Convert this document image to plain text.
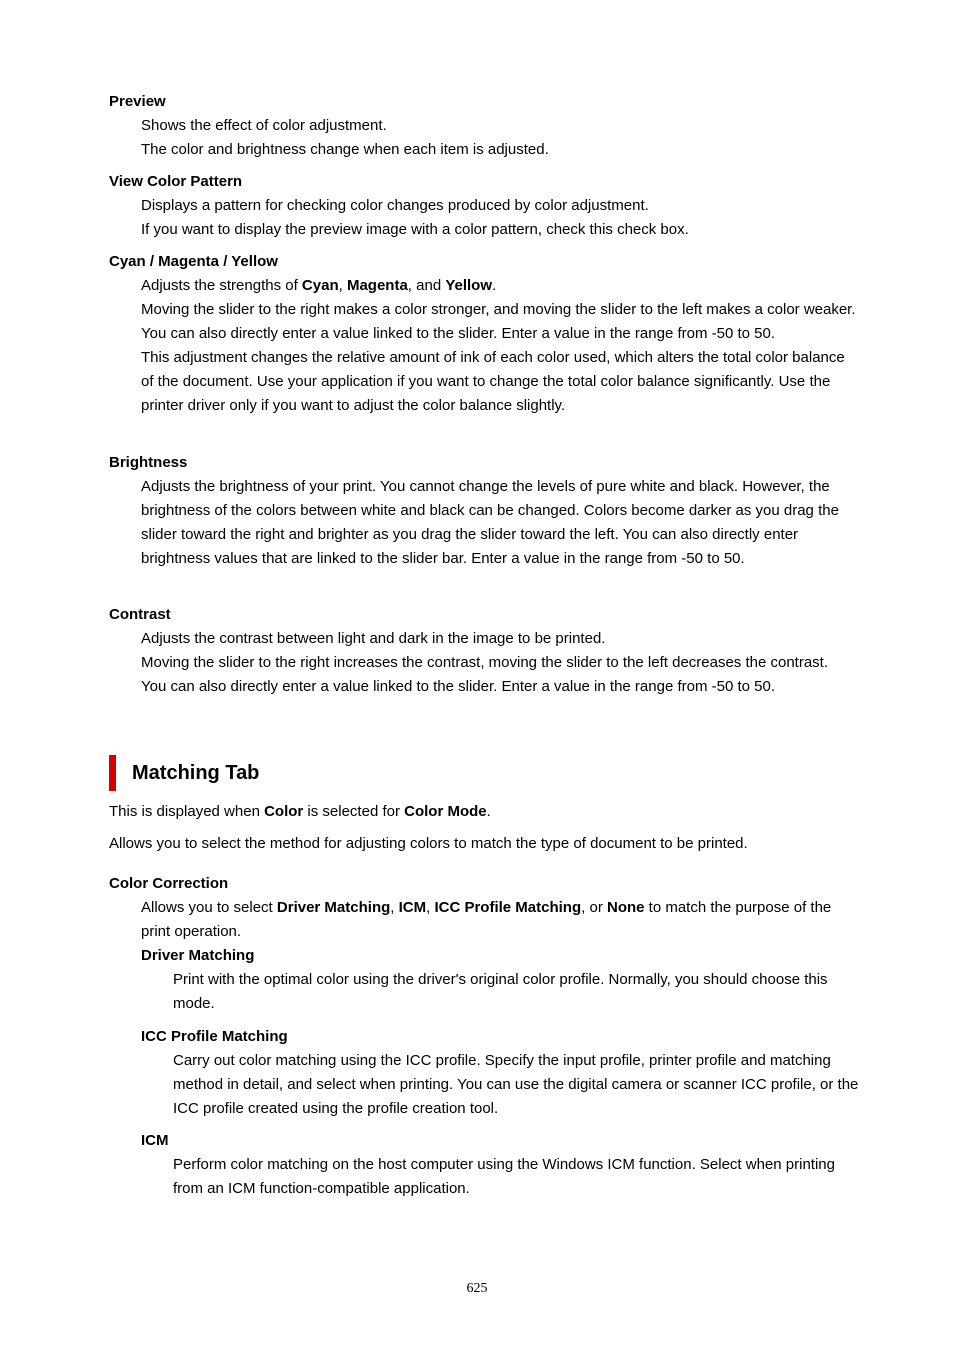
Preview

Shows the effect of color adjustment.

The color and brightness change when each item is adjusted.

View Color Pattern

Displays a pattern for checking color changes produced by color adjustment.

If you want to display the preview image with a color pattern, check this check box.

Cyan / Magenta / Yellow

Adjusts the strengths of Cyan, Magenta, and Yellow.

Moving the slider to the right makes a color stronger, and moving the slider to the left makes a color weaker.

You can also directly enter a value linked to the slider. Enter a value in the range from -50 to 50.

This adjustment changes the relative amount of ink of each color used, which alters the total color balance of the document. Use your application if you want to change the total color balance significantly. Use the printer driver only if you want to adjust the color balance slightly.

Brightness

Adjusts the brightness of your print. You cannot change the levels of pure white and black. However, the brightness of the colors between white and black can be changed. Colors become darker as you drag the slider toward the right and brighter as you drag the slider toward the left. You can also directly enter brightness values that are linked to the slider bar. Enter a value in the range from -50 to 50.

Contrast

Adjusts the contrast between light and dark in the image to be printed.

Moving the slider to the right increases the contrast, moving the slider to the left decreases the contrast.

You can also directly enter a value linked to the slider. Enter a value in the range from -50 to 50.

Matching Tab

This is displayed when Color is selected for Color Mode.

Allows you to select the method for adjusting colors to match the type of document to be printed.

Color Correction

Allows you to select Driver Matching, ICM, ICC Profile Matching, or None to match the purpose of the print operation.

Driver Matching

Print with the optimal color using the driver's original color profile. Normally, you should choose this mode.

ICC Profile Matching

Carry out color matching using the ICC profile. Specify the input profile, printer profile and matching method in detail, and select when printing. You can use the digital camera or scanner ICC profile, or the ICC profile created using the profile creation tool.

ICM

Perform color matching on the host computer using the Windows ICM function. Select when printing from an ICM function-compatible application.

625
